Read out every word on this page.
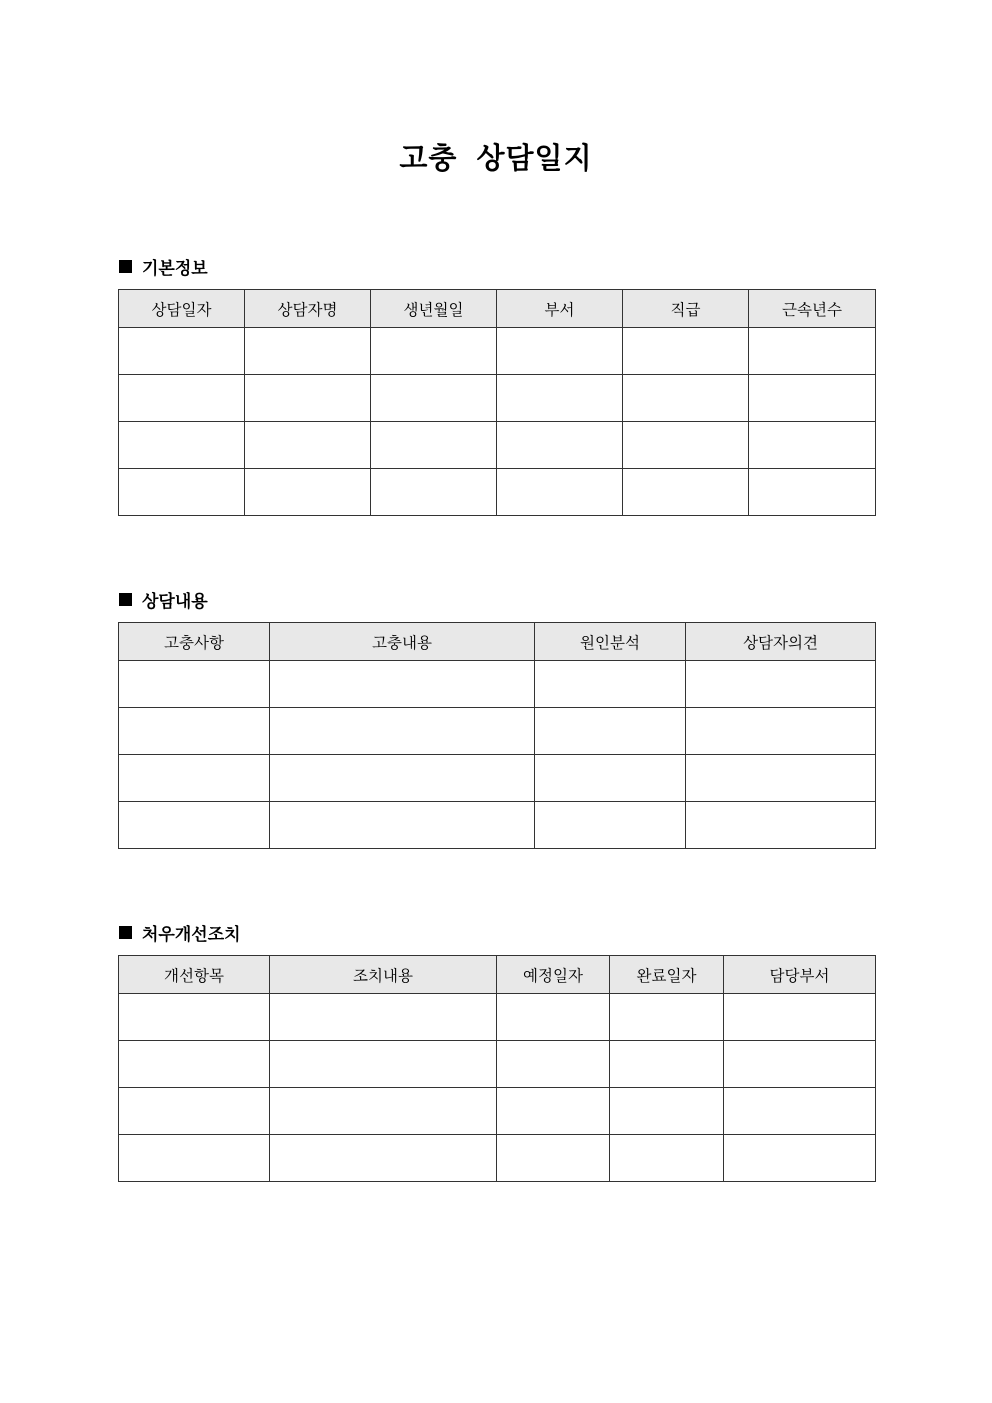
고충 상담일지
기본정보
상담일자	상담자명	생년월일	부서	직급	근속년수

상담내용
고충사항	고충내용	원인분석	상담자의견

처우개선조치
개선항목	조치내용	예정일자	완료일자	담당부서
